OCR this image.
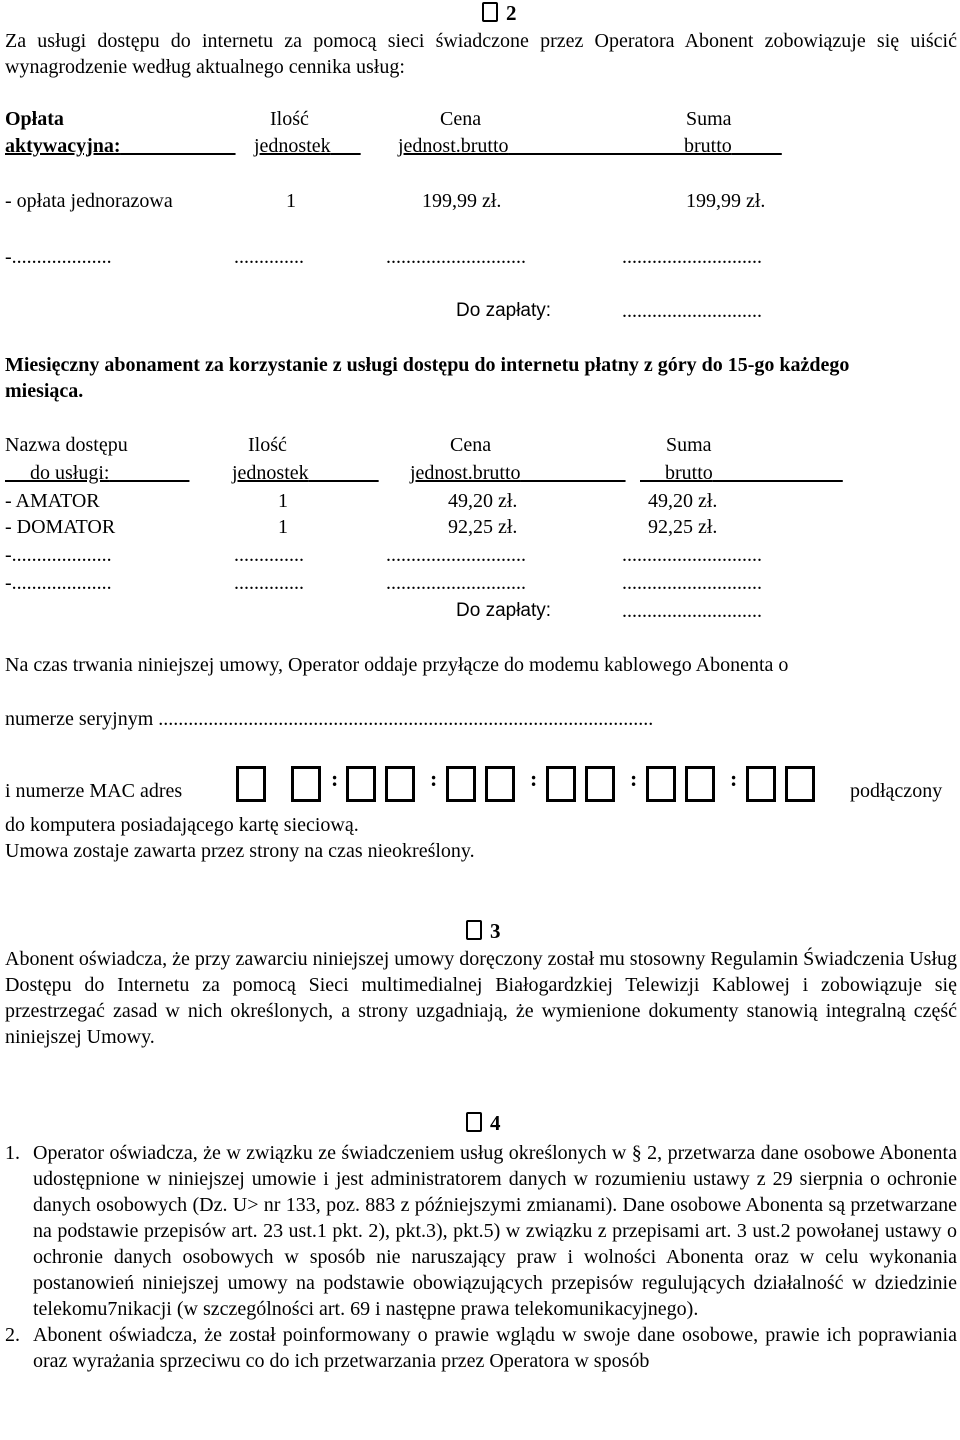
2
Za usługi dostępu do internetu za pomocą sieci świadczone przez Operatora Abonent zobowiązuje się uiścić wynagrodzenie według aktualnego cennika usług:
Opłata	Ilość	Cena	Suma
aktywacyjna:	jednostek	jednost.brutto	brutto
- opłata jednorazowa	1	199,99 zł.	199,99 zł.
-....................	..............	............................	............................
Do zapłaty:	............................
Miesięczny abonament za korzystanie z usługi dostępu do internetu płatny z góry do 15-go każdego miesiąca.
Nazwa dostępu	Ilość	Cena	Suma
do usługi:	jednostek	jednost.brutto	brutto
- AMATOR	1	49,20 zł.	49,20 zł.
- DOMATOR	1	92,25 zł.	92,25 zł.
-....................	..............	............................	............................
-....................	..............	............................	............................
Do zapłaty:	............................
Na czas trwania niniejszej umowy, Operator oddaje przyłącze do modemu kablowego Abonenta o
numerze seryjnym ...................................................................................................
i numerze MAC adres	:	:	:	:	:	podłączony
do komputera posiadającego kartę sieciową.
Umowa zostaje zawarta przez strony na czas nieokreślony.
3
Abonent oświadcza, że przy zawarciu niniejszej umowy doręczony został mu stosowny Regulamin Świadczenia Usług Dostępu do Internetu za pomocą Sieci multimedialnej Białogardzkiej Telewizji Kablowej i zobowiązuje się przestrzegać zasad w nich określonych, a strony uzgadniają, że wymienione dokumenty stanowią integralną część niniejszej Umowy.
4
1. Operator oświadcza, że w związku ze świadczeniem usług określonych w § 2, przetwarza dane osobowe Abonenta udostępnione w niniejszej umowie i jest administratorem danych w rozumieniu ustawy z 29 sierpnia o ochronie danych osobowych (Dz. U> nr 133, poz. 883 z późniejszymi zmianami). Dane osobowe Abonenta są przetwarzane na podstawie przepisów art. 23 ust.1 pkt. 2), pkt.3), pkt.5) w związku z przepisami art. 3 ust.2 powołanej ustawy o ochronie danych osobowych w sposób nie naruszający praw i wolności Abonenta oraz w celu wykonania postanowień niniejszej umowy na podstawie obowiązujących przepisów regulujących działalność w dziedzinie telekomu7nikacji (w szczególności art. 69 i następne prawa telekomunikacyjnego).
2. Abonent oświadcza, że został poinformowany o prawie wglądu w swoje dane osobowe, prawie ich poprawiania oraz wyrażania sprzeciwu co do ich przetwarzania przez Operatora w sposób
